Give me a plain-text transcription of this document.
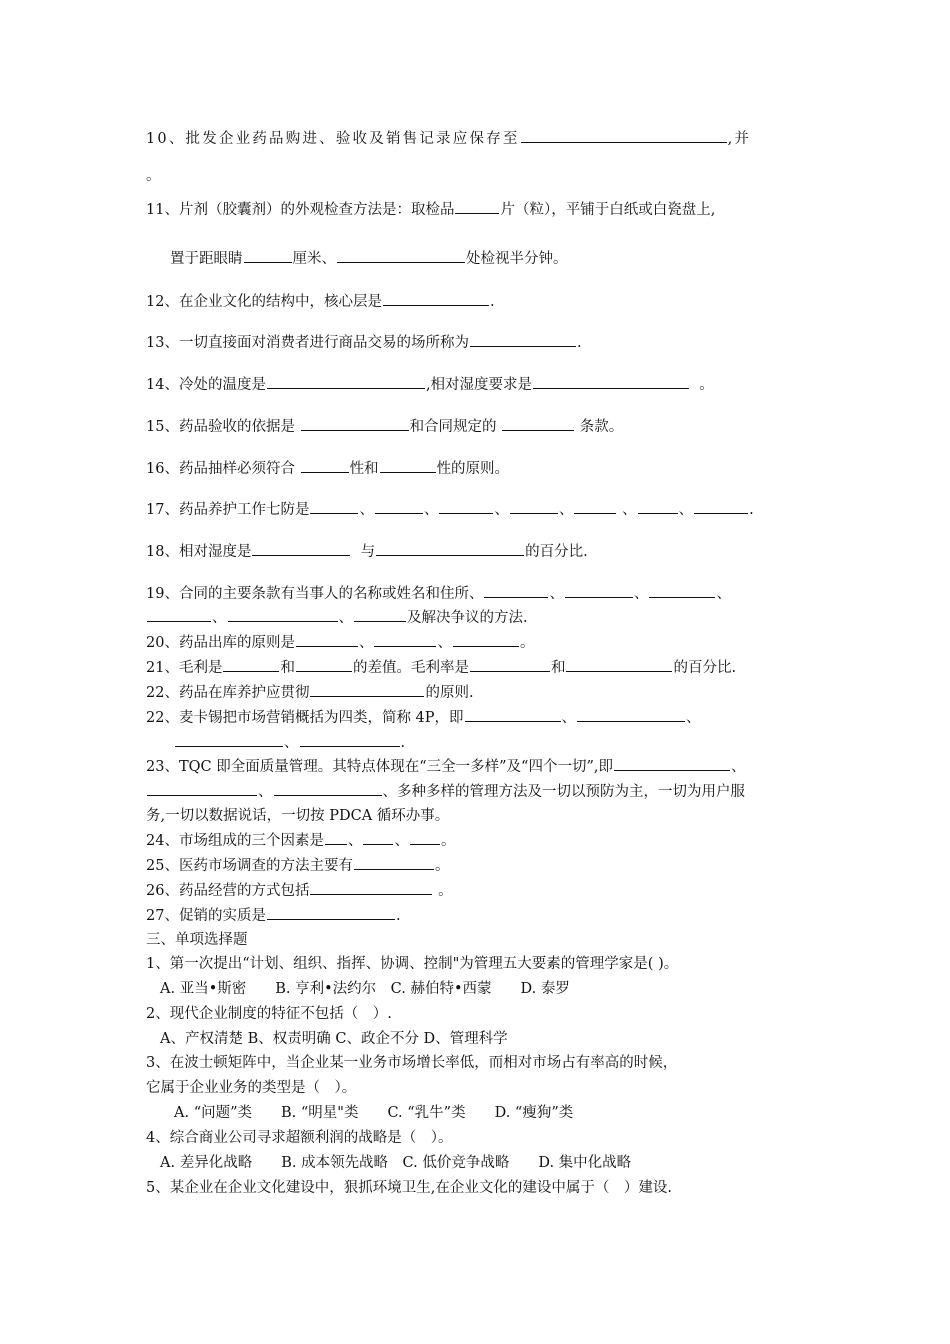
10、批发企业药品购进、验收及销售记录应保存至	,并
。
11、片剂（胶囊剂）的外观检查方法是：取检品	片（粒），平铺于白纸或白瓷盘上,
置于距眼睛	厘米、	处检视半分钟。
12、在企业文化的结构中，核心层是	.
13、一切直接面对消费者进行商品交易的场所称为	.
14、冷处的温度是	,相对湿度要求是	。
15、药品验收的依据是	和合同规定的	条款。
16、药品抽样必须符合	性和	性的原则。
17、药品养护工作七防是	、	、	、	、	、	、	.
18、相对湿度是	与	的百分比.
19、合同的主要条款有当事人的名称或姓名和住所、	、	、	、
、	、	及解决争议的方法.
20、药品出库的原则是	、	、	。
21、毛利是	和	的差值。毛利率是	和	的百分比.
22、药品在库养护应贯彻	的原则.
22、麦卡锡把市场营销概括为四类，简称 4P，即	、	、
、	.
23、TQC 即全面质量管理。其特点体现在“三全一多样”及“四个一切”,即	、
、	、多种多样的管理方法及一切以预防为主，一切为用户服
务,一切以数据说话，一切按 PDCA 循环办事。
24、市场组成的三个因素是 、 、 。
25、医药市场调查的方法主要有	。
26、药品经营的方式包括	。
27、促销的实质是	.
三、单项选择题
1、第一次提出“计划、组织、指挥、协调、控制"为管理五大要素的管理学家是( )。
A. 亚当•斯密　　B. 亨利•法约尔　C. 赫伯特•西蒙　　D. 泰罗
2、现代企业制度的特征不包括（　）.
A、产权清楚 B、权责明确 C、政企不分 D、管理科学
3、在波士顿矩阵中，当企业某一业务市场增长率低，而相对市场占有率高的时候，
它属于企业业务的类型是（　）。
A. “问题”类　　B. “明星"类　　C. “乳牛”类　　D. “瘦狗”类
4、综合商业公司寻求超额利润的战略是（　）。
A. 差异化战略　　B. 成本领先战略　C. 低价竞争战略　　D. 集中化战略
5、某企业在企业文化建设中，狠抓环境卫生,在企业文化的建设中属于（　）建设.
